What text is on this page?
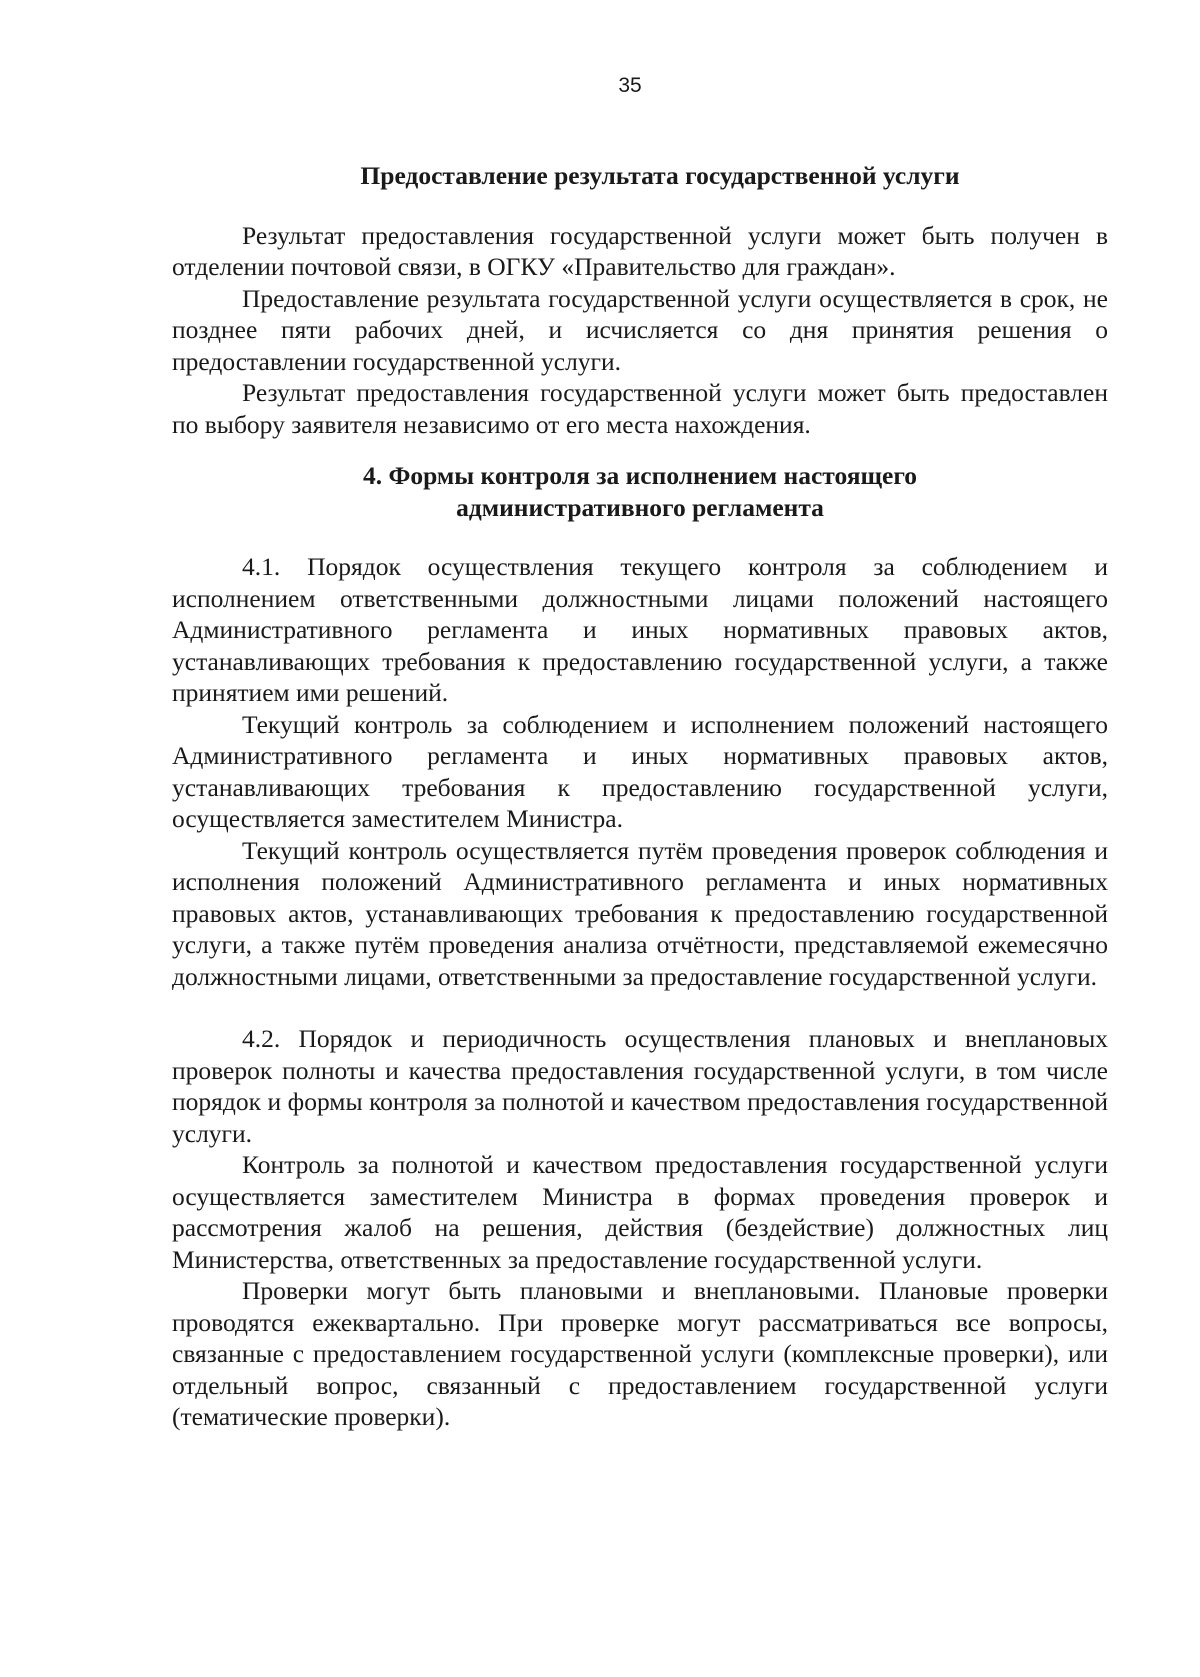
35
Предоставление результата государственной услуги

Результат предоставления государственной услуги может быть получен в отделении почтовой связи, в ОГКУ «Правительство для граждан».

Предоставление результата государственной услуги осуществляется в срок, не позднее пяти рабочих дней, и исчисляется со дня принятия решения о предоставлении государственной услуги.

Результат предоставления государственной услуги может быть предоставлен по выбору заявителя независимо от его места нахождения.

4. Формы контроля за исполнением настоящего
административного регламента

4.1. Порядок осуществления текущего контроля за соблюдением и исполнением ответственными должностными лицами положений настоящего Административного регламента и иных нормативных правовых актов, устанавливающих требования к предоставлению государственной услуги, а также принятием ими решений.

Текущий контроль за соблюдением и исполнением положений настоящего Административного регламента и иных нормативных правовых актов, устанавливающих требования к предоставлению государственной услуги, осуществляется заместителем Министра.

Текущий контроль осуществляется путём проведения проверок соблюдения и исполнения положений Административного регламента и иных нормативных правовых актов, устанавливающих требования к предоставлению государственной услуги, а также путём проведения анализа отчётности, представляемой ежемесячно должностными лицами, ответственными за предоставление государственной услуги.

4.2. Порядок и периодичность осуществления плановых и внеплановых проверок полноты и качества предоставления государственной услуги, в том числе порядок и формы контроля за полнотой и качеством предоставления государственной услуги.

Контроль за полнотой и качеством предоставления государственной услуги осуществляется заместителем Министра в формах проведения проверок и рассмотрения жалоб на решения, действия (бездействие) должностных лиц Министерства, ответственных за предоставление государственной услуги.

Проверки могут быть плановыми и внеплановыми. Плановые проверки проводятся ежеквартально. При проверке могут рассматриваться все вопросы, связанные с предоставлением государственной услуги (комплексные проверки), или отдельный вопрос, связанный с предоставлением государственной услуги (тематические проверки).
